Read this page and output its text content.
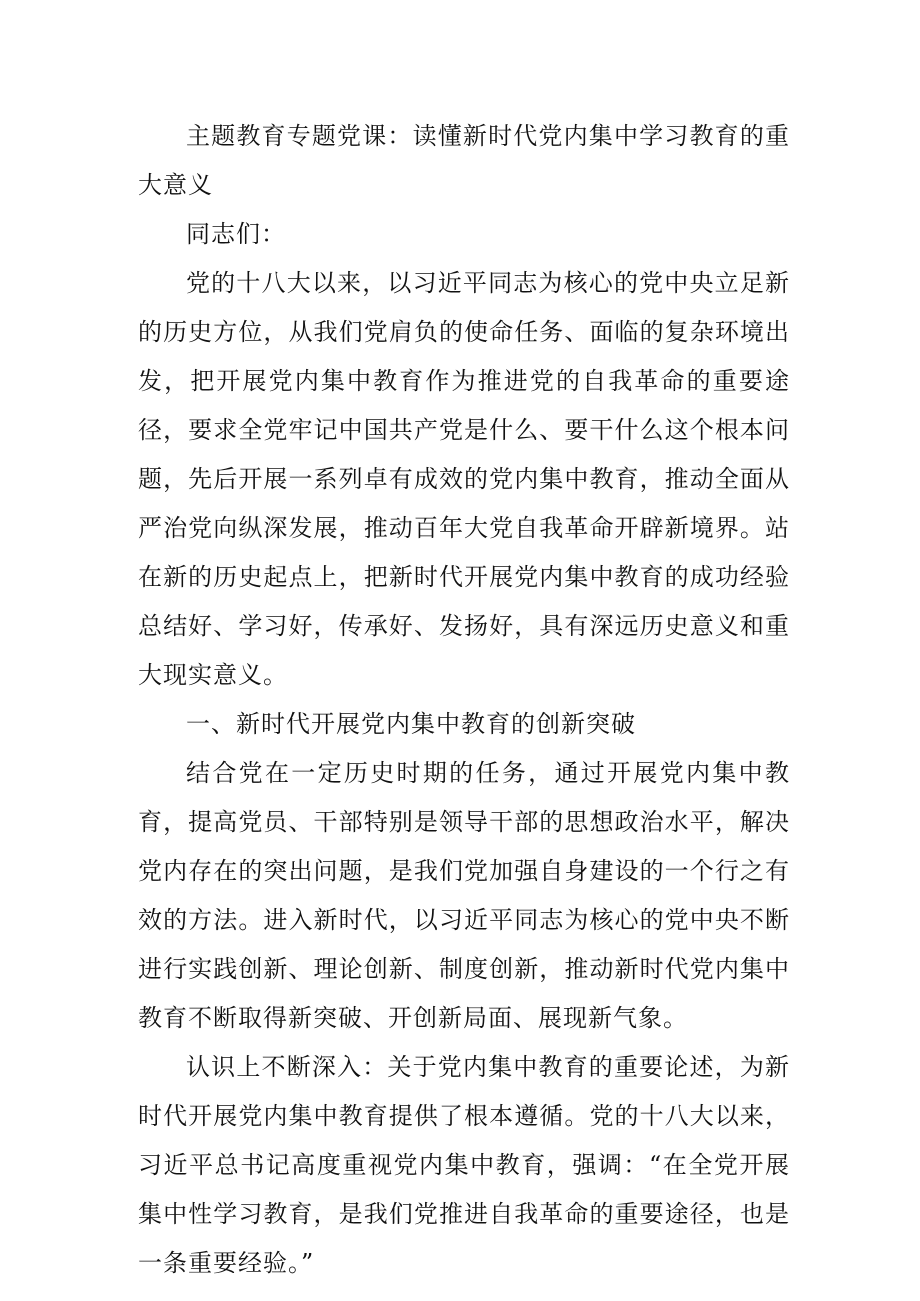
主题教育专题党课：读懂新时代党内集中学习教育的重大意义

同志们：

党的十八大以来，以习近平同志为核心的党中央立足新的历史方位，从我们党肩负的使命任务、面临的复杂环境出发，把开展党内集中教育作为推进党的自我革命的重要途径，要求全党牢记中国共产党是什么、要干什么这个根本问题，先后开展一系列卓有成效的党内集中教育，推动全面从严治党向纵深发展，推动百年大党自我革命开辟新境界。站在新的历史起点上，把新时代开展党内集中教育的成功经验总结好、学习好，传承好、发扬好，具有深远历史意义和重大现实意义。

一、新时代开展党内集中教育的创新突破

结合党在一定历史时期的任务，通过开展党内集中教育，提高党员、干部特别是领导干部的思想政治水平，解决党内存在的突出问题，是我们党加强自身建设的一个行之有效的方法。进入新时代，以习近平同志为核心的党中央不断进行实践创新、理论创新、制度创新，推动新时代党内集中教育不断取得新突破、开创新局面、展现新气象。

认识上不断深入：关于党内集中教育的重要论述，为新时代开展党内集中教育提供了根本遵循。党的十八大以来，习近平总书记高度重视党内集中教育，强调：“在全党开展集中性学习教育，是我们党推进自我革命的重要途径，也是一条重要经验。”
